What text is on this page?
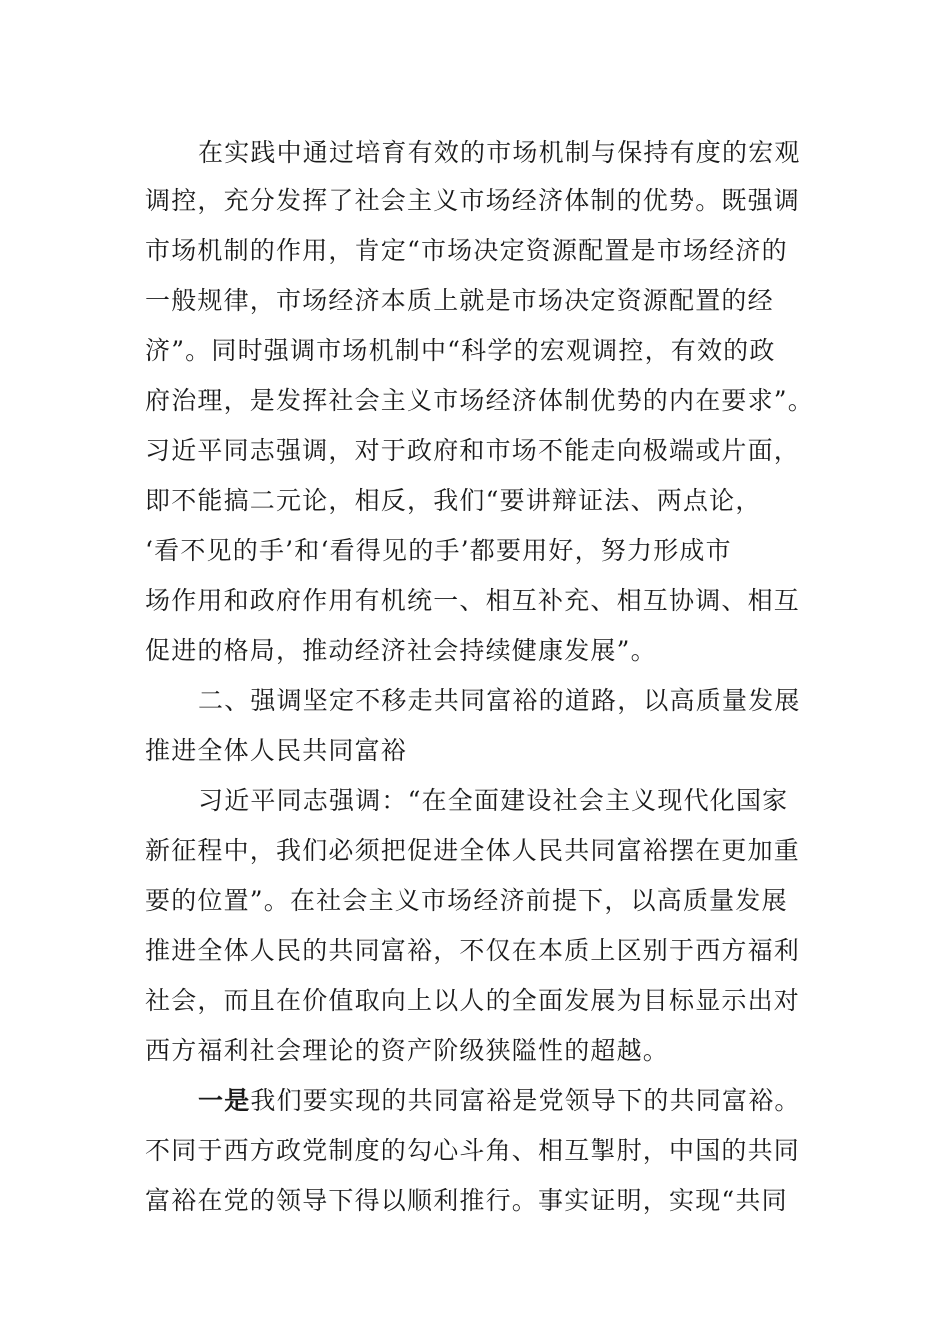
在实践中通过培育有效的市场机制与保持有度的宏观
调控，充分发挥了社会主义市场经济体制的优势。既强调
市场机制的作用，肯定“市场决定资源配置是市场经济的
一般规律，市场经济本质上就是市场决定资源配置的经
济”。同时强调市场机制中“科学的宏观调控，有效的政
府治理，是发挥社会主义市场经济体制优势的内在要求”。
习近平同志强调，对于政府和市场不能走向极端或片面，
即不能搞二元论，相反，我们“要讲辩证法、两点论，
‘看不见的手’和‘看得见的手’都要用好，努力形成市
场作用和政府作用有机统一、相互补充、相互协调、相互
促进的格局，推动经济社会持续健康发展”。
二、强调坚定不移走共同富裕的道路，以高质量发展
推进全体人民共同富裕
习近平同志强调：“在全面建设社会主义现代化国家
新征程中，我们必须把促进全体人民共同富裕摆在更加重
要的位置”。在社会主义市场经济前提下，以高质量发展
推进全体人民的共同富裕，不仅在本质上区别于西方福利
社会，而且在价值取向上以人的全面发展为目标显示出对
西方福利社会理论的资产阶级狭隘性的超越。
一是我们要实现的共同富裕是党领导下的共同富裕。
不同于西方政党制度的勾心斗角、相互掣肘，中国的共同
富裕在党的领导下得以顺利推行。事实证明，实现“共同
